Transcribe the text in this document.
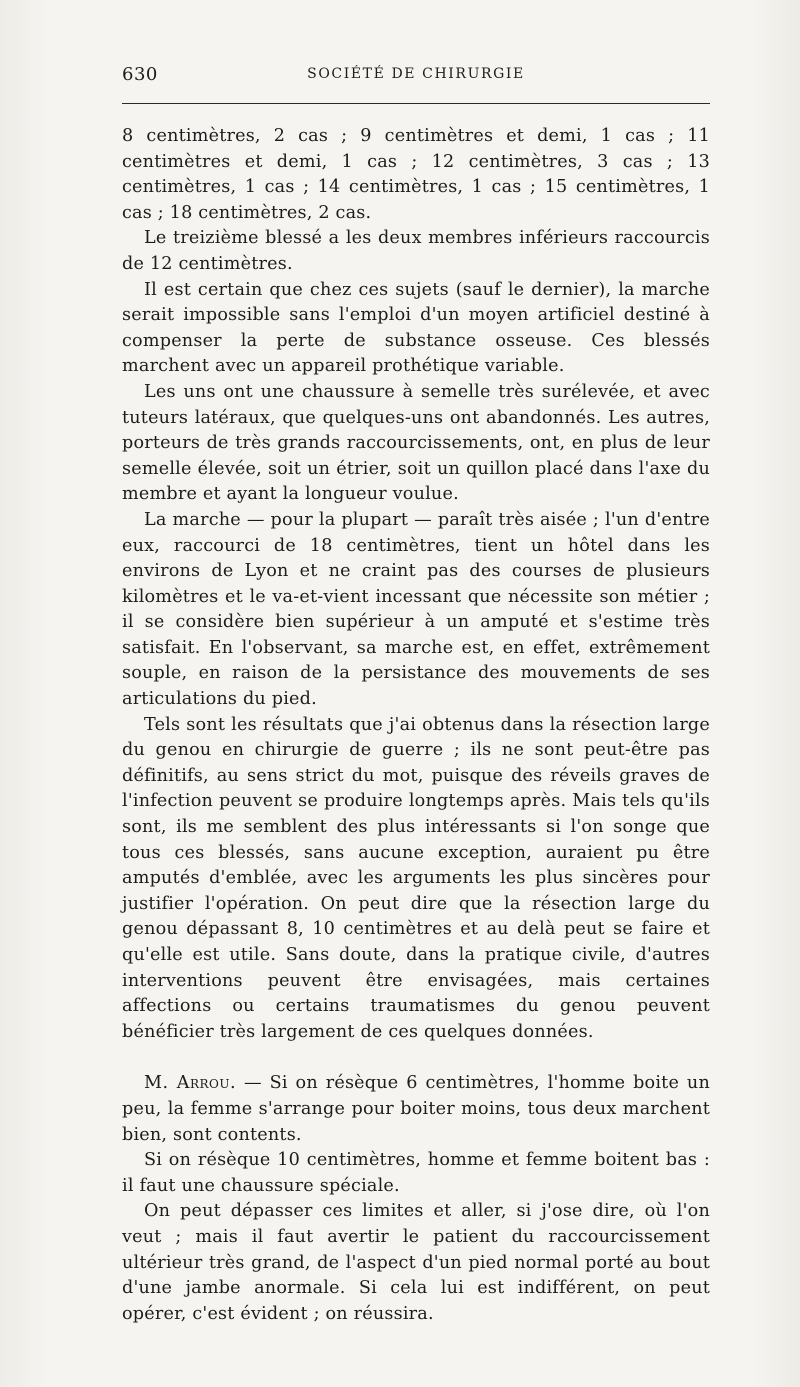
630	SOCIÉTÉ DE CHIRURGIE

8 centimètres, 2 cas ; 9 centimètres et demi, 1 cas ; 11 centimètres et demi, 1 cas ; 12 centimètres, 3 cas ; 13 centimètres, 1 cas ; 14 centimètres, 1 cas ; 15 centimètres, 1 cas ; 18 centimètres, 2 cas.

Le treizième blessé a les deux membres inférieurs raccourcis de 12 centimètres.

Il est certain que chez ces sujets (sauf le dernier), la marche serait impossible sans l'emploi d'un moyen artificiel destiné à compenser la perte de substance osseuse. Ces blessés marchent avec un appareil prothétique variable.

Les uns ont une chaussure à semelle très surélevée, et avec tuteurs latéraux, que quelques-uns ont abandonnés. Les autres, porteurs de très grands raccourcissements, ont, en plus de leur semelle élevée, soit un étrier, soit un quillon placé dans l'axe du membre et ayant la longueur voulue.

La marche — pour la plupart — paraît très aisée ; l'un d'entre eux, raccourci de 18 centimètres, tient un hôtel dans les environs de Lyon et ne craint pas des courses de plusieurs kilomètres et le va-et-vient incessant que nécessite son métier ; il se considère bien supérieur à un amputé et s'estime très satisfait. En l'observant, sa marche est, en effet, extrêmement souple, en raison de la persistance des mouvements de ses articulations du pied.

Tels sont les résultats que j'ai obtenus dans la résection large du genou en chirurgie de guerre ; ils ne sont peut-être pas définitifs, au sens strict du mot, puisque des réveils graves de l'infection peuvent se produire longtemps après. Mais tels qu'ils sont, ils me semblent des plus intéressants si l'on songe que tous ces blessés, sans aucune exception, auraient pu être amputés d'emblée, avec les arguments les plus sincères pour justifier l'opération. On peut dire que la résection large du genou dépassant 8, 10 centimètres et au delà peut se faire et qu'elle est utile. Sans doute, dans la pratique civile, d'autres interventions peuvent être envisagées, mais certaines affections ou certains traumatismes du genou peuvent bénéficier très largement de ces quelques données.

M. Arrou. — Si on résèque 6 centimètres, l'homme boite un peu, la femme s'arrange pour boiter moins, tous deux marchent bien, sont contents.

Si on résèque 10 centimètres, homme et femme boitent bas : il faut une chaussure spéciale.

On peut dépasser ces limites et aller, si j'ose dire, où l'on veut ; mais il faut avertir le patient du raccourcissement ultérieur très grand, de l'aspect d'un pied normal porté au bout d'une jambe anormale. Si cela lui est indifférent, on peut opérer, c'est évident ; on réussira.
